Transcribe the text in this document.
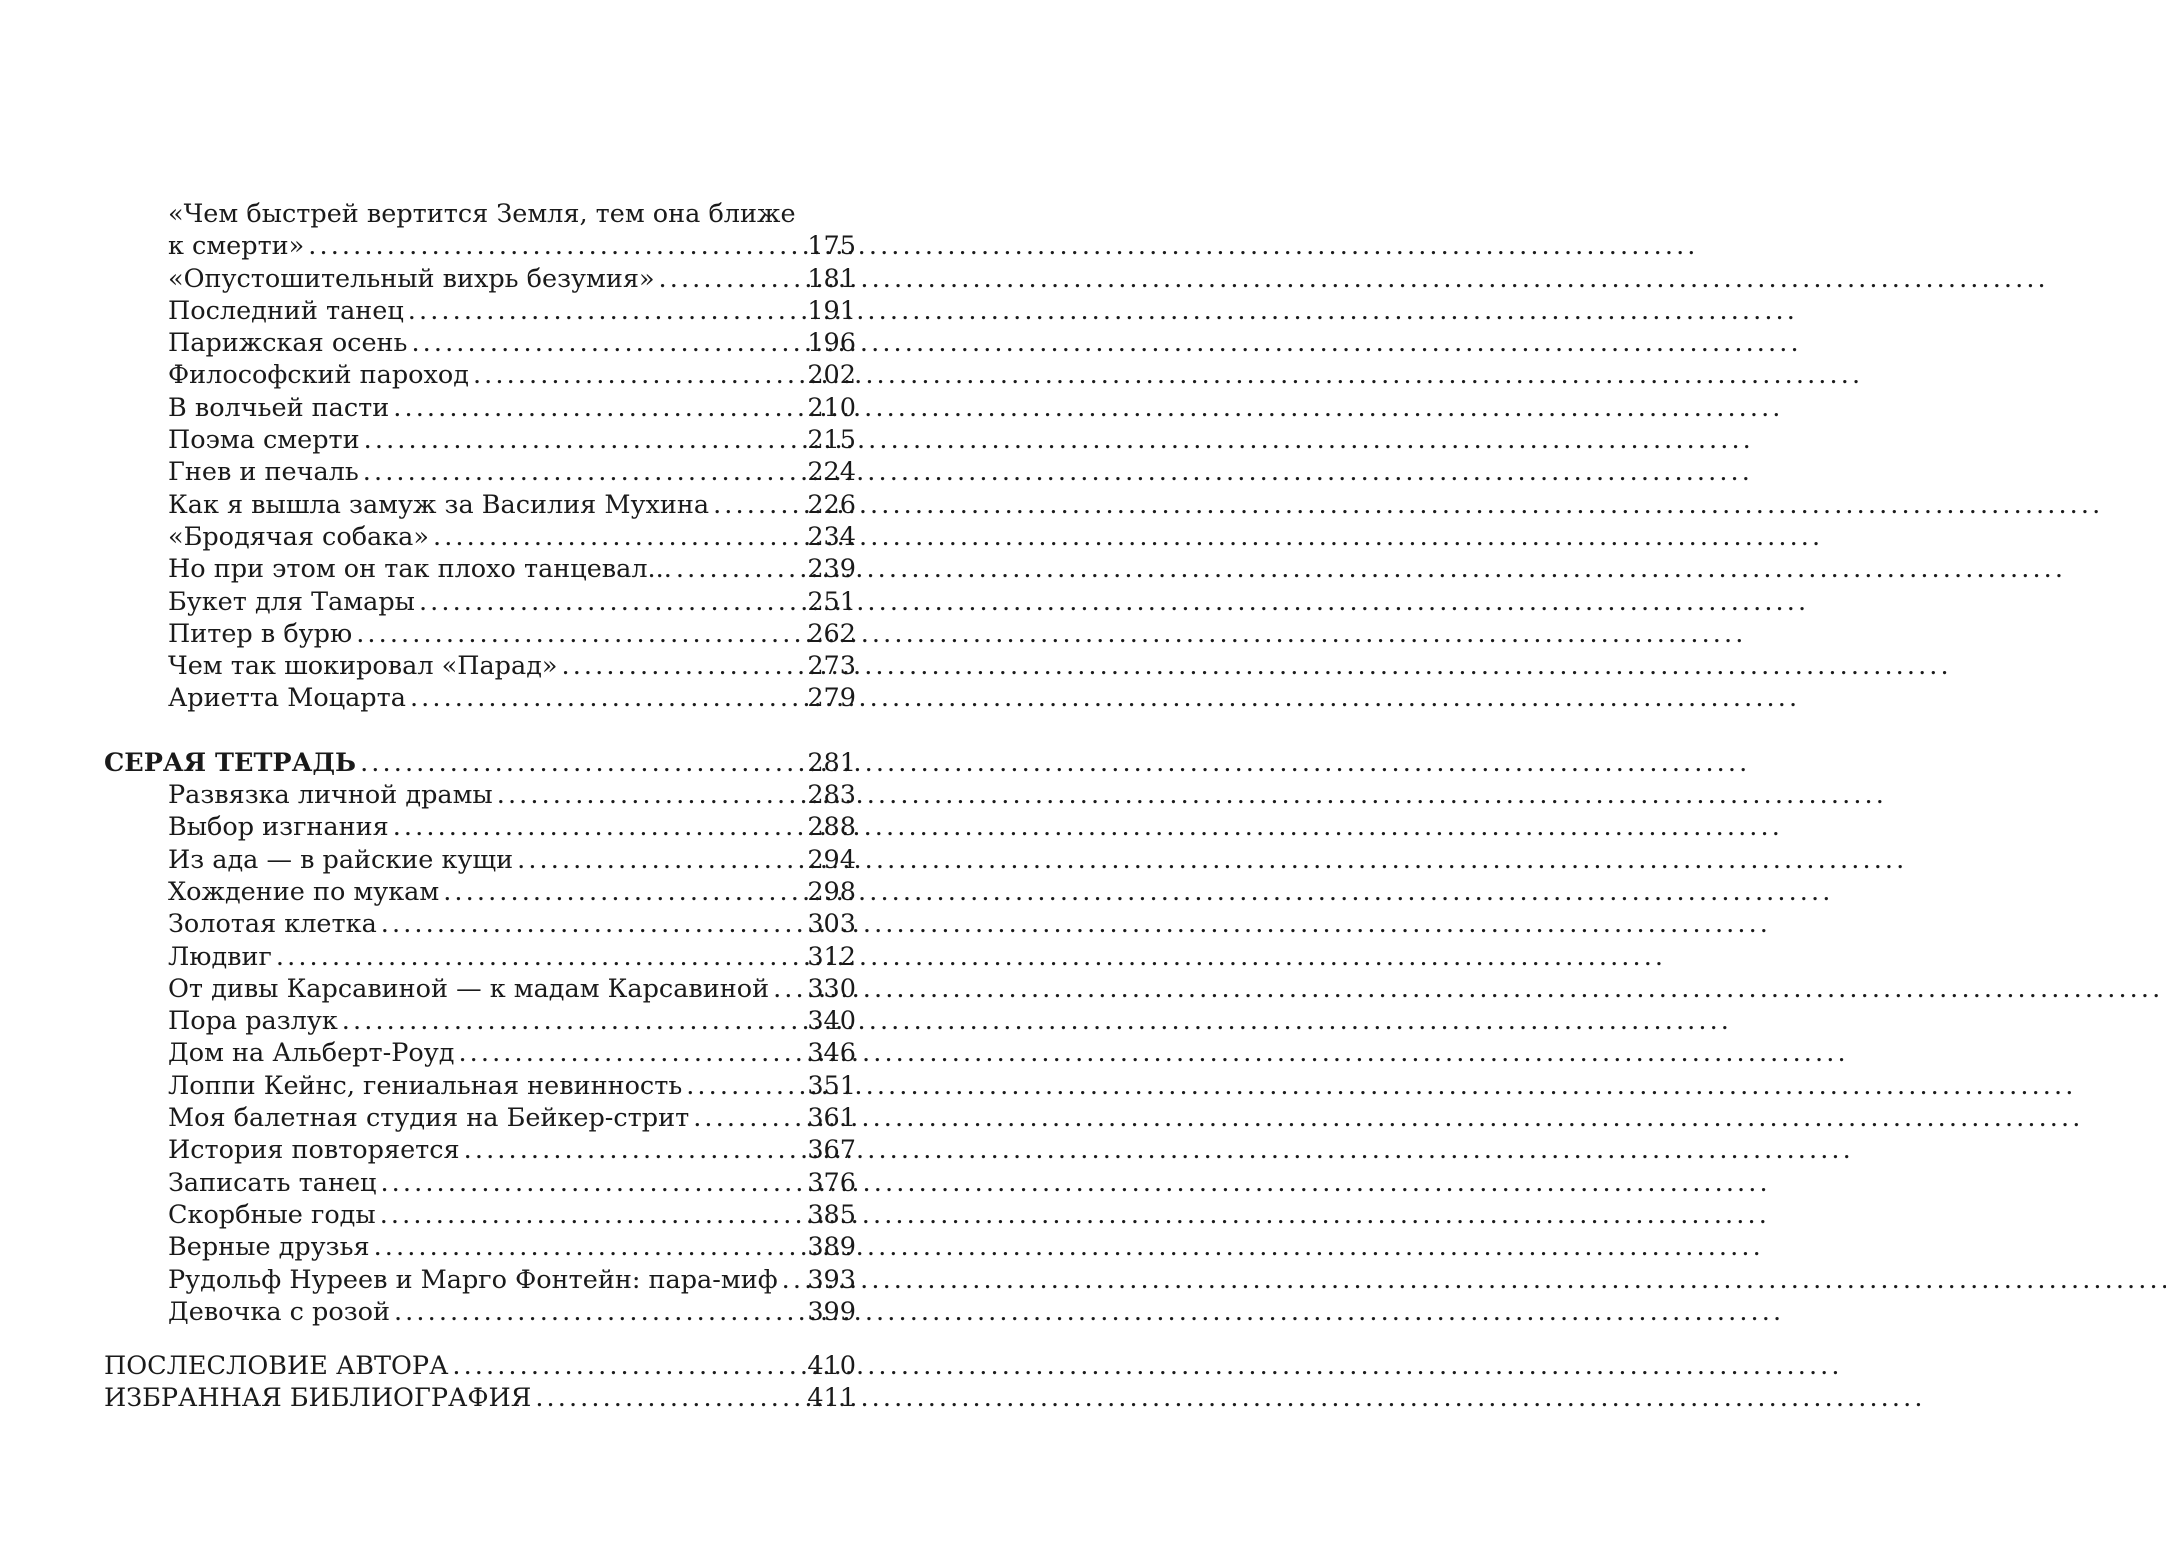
«Чем быстрей вертится Земля, тем она ближе
к смерти» . . .	175
«Опустошительный вихрь безумия» . . .	181
Последний танец . . .	191
Парижская осень . . .	196
Философский пароход . . .	202
В волчьей пасти . . .	210
Поэма смерти . . .	215
Гнев и печаль . . .	224
Как я вышла замуж за Василия Мухина . . .	226
«Бродячая собака» . . .	234
Но при этом он так плохо танцевал... . . .	239
Букет для Тамары . . .	251
Питер в бурю . . .	262
Чем так шокировал «Парад» . . .	273
Ариетта Моцарта . . .	279
СЕРАЯ ТЕТРАДЬ . . .	281
Развязка личной драмы . . .	283
Выбор изгнания . . .	288
Из ада — в райские кущи . . .	294
Хождение по мукам . . .	298
Золотая клетка . . .	303
Людвиг . . .	312
От дивы Карсавиной — к мадам Карсавиной . . . 330
Пора разлук . . .	340
Дом на Альберт-Роуд . . .	346
Лоппи Кейнс, гениальная невинность . . .	351
Моя балетная студия на Бейкер-стрит . . .	361
История повторяется . . .	367
Записать танец . . .	376
Скорбные годы . . .	385
Верные друзья . . .	389
Рудольф Нуреев и Марго Фонтейн: пара-миф . . . 393
Девочка с розой . . .	399
ПОСЛЕСЛОВИЕ АВТОРА . . .	410
ИЗБРАННАЯ БИБЛИОГРАФИЯ . . .	411
